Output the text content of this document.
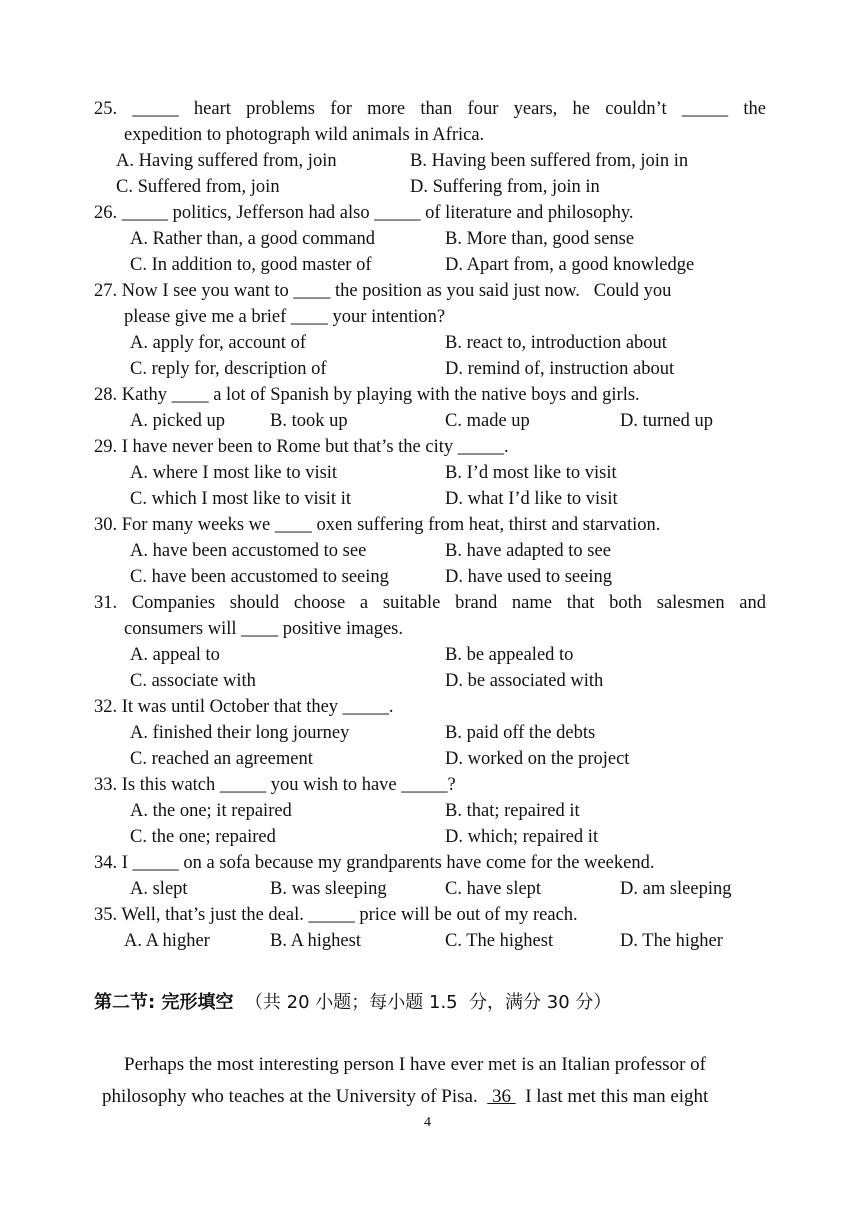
25. _____ heart problems for more than four years, he couldn’t _____ the
expedition to photograph wild animals in Africa.
A. Having suffered from, join	B. Having been suffered from, join in
C. Suffered from, join	D. Suffering from, join in
26. _____ politics, Jefferson had also _____ of literature and philosophy.
A. Rather than, a good command	B. More than, good sense
C. In addition to, good master of	D. Apart from, a good knowledge
27. Now I see you want to ____ the position as you said just now.   Could you
please give me a brief ____ your intention?
A. apply for, account of	B. react to, introduction about
C. reply for, description of	D. remind of, instruction about
28. Kathy ____ a lot of Spanish by playing with the native boys and girls.
A. picked up B. took up	C. made up	D. turned up
29. I have never been to Rome but that’s the city _____.
A. where I most like to visit	B. I’d most like to visit
C. which I most like to visit it	D. what I’d like to visit
30. For many weeks we ____ oxen suffering from heat, thirst and starvation.
A. have been accustomed to see	B. have adapted to see
C. have been accustomed to seeing	D. have used to seeing
31. Companies should choose a suitable brand name that both salesmen and
consumers will ____ positive images.
A. appeal to	B. be appealed to
C. associate with	D. be associated with
32. It was until October that they _____.
A. finished their long journey	B. paid off the debts
C. reached an agreement	D. worked on the project
33. Is this watch _____ you wish to have _____?
A. the one; it repaired	B. that; repaired it
C. the one; repaired	D. which; repaired it
34. I _____ on a sofa because my grandparents have come for the weekend.
A. slept	B. was sleeping	C. have slept	D. am sleeping
35. Well, that’s just the deal. _____ price will be out of my reach.
A. A higher	B. A highest	C. The highest	D. The higher
第二节: 完形填空 （共 20 小题；每小题 1.5  分，满分 30 分）
Perhaps the most interesting person I have ever met is an Italian professor of
philosophy who teaches at the University of Pisa. 36 I last met this man eight
4
